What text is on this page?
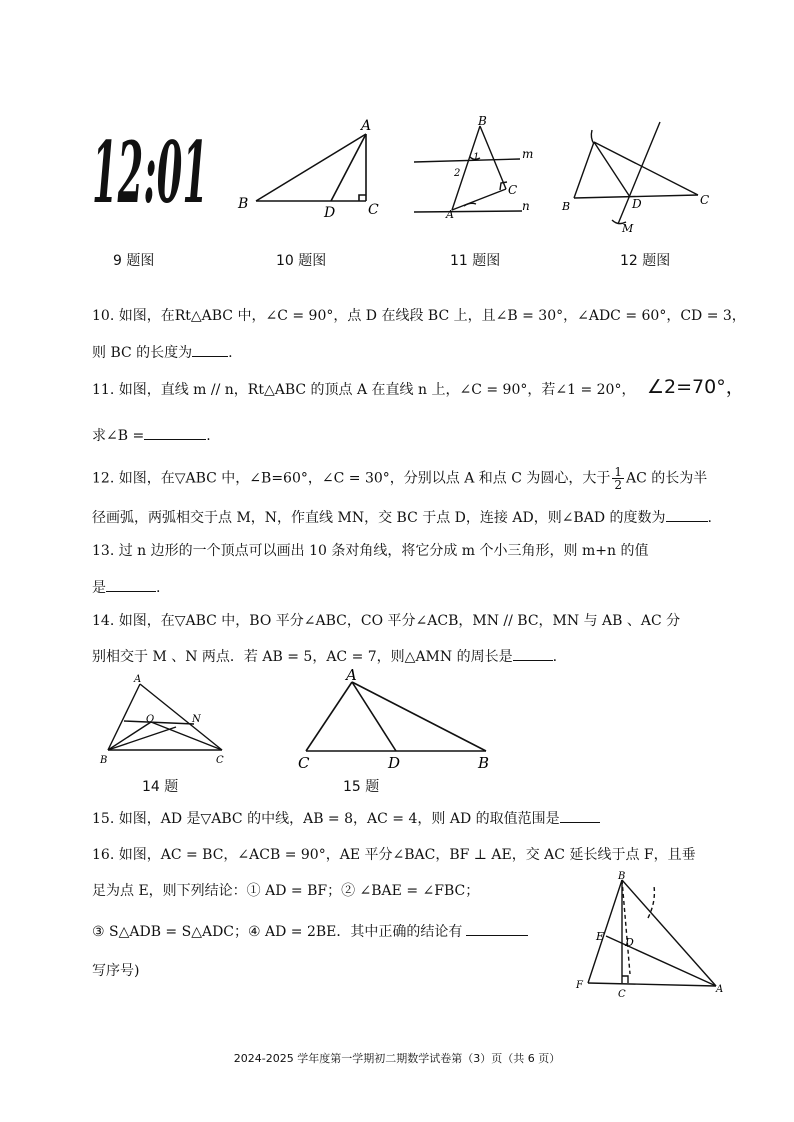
12:01	A
B	C
D
B
C
A
m
n
1
2
B	C
D
M
9 题图	10 题图	11 题图	12 题图
10. 如图，在Rt△ABC 中，∠C = 90°，点 D 在线段 BC 上，且∠B = 30°，∠ADC = 60°，CD = 3，
则 BC 的长度为	.
11. 如图，直线 m // n，Rt△ABC 的顶点 A 在直线 n 上，∠C = 90°，若∠1 = 20°， ∠2=70°，
求∠B =	.
12. 如图，在▽ABC 中，∠B=60°，∠C = 30°，分别以点 A 和点 C 为圆心，大于 $\frac{1}{2}$ AC 的长为半
径画弧，两弧相交于点 M，N，作直线 MN，交 BC 于点 D，连接 AD，则∠BAD 的度数为	.
13. 过 n 边形的一个顶点可以画出 10 条对角线，将它分成 m 个小三角形，则 m+n 的值
是	.
14. 如图，在▽ABC 中，BO 平分∠ABC，CO 平分∠ACB，MN // BC，MN 与 AB 、AC 分
别相交于 M 、N 两点．若 AB = 5，AC = 7，则△AMN 的周长是	.
A
B	C
O	N
A
C	D	B
14 题	15 题
15. 如图，AD 是▽ABC 的中线，AB = 8，AC = 4，则 AD 的取值范围是
16. 如图，AC = BC，∠ACB = 90°，AE 平分∠BAC，BF ⊥ AE，交 AC 延长线于点 F，且垂
足为点 E，则下列结论：① AD = BF；② ∠BAE = ∠FBC；
③ S△ADB = S△ADC；④ AD = 2BE．其中正确的结论有
写序号)
B
E D
F
C	A
2024-2025 学年度第一学期初二期数学试卷第（3）页（共 6 页）
